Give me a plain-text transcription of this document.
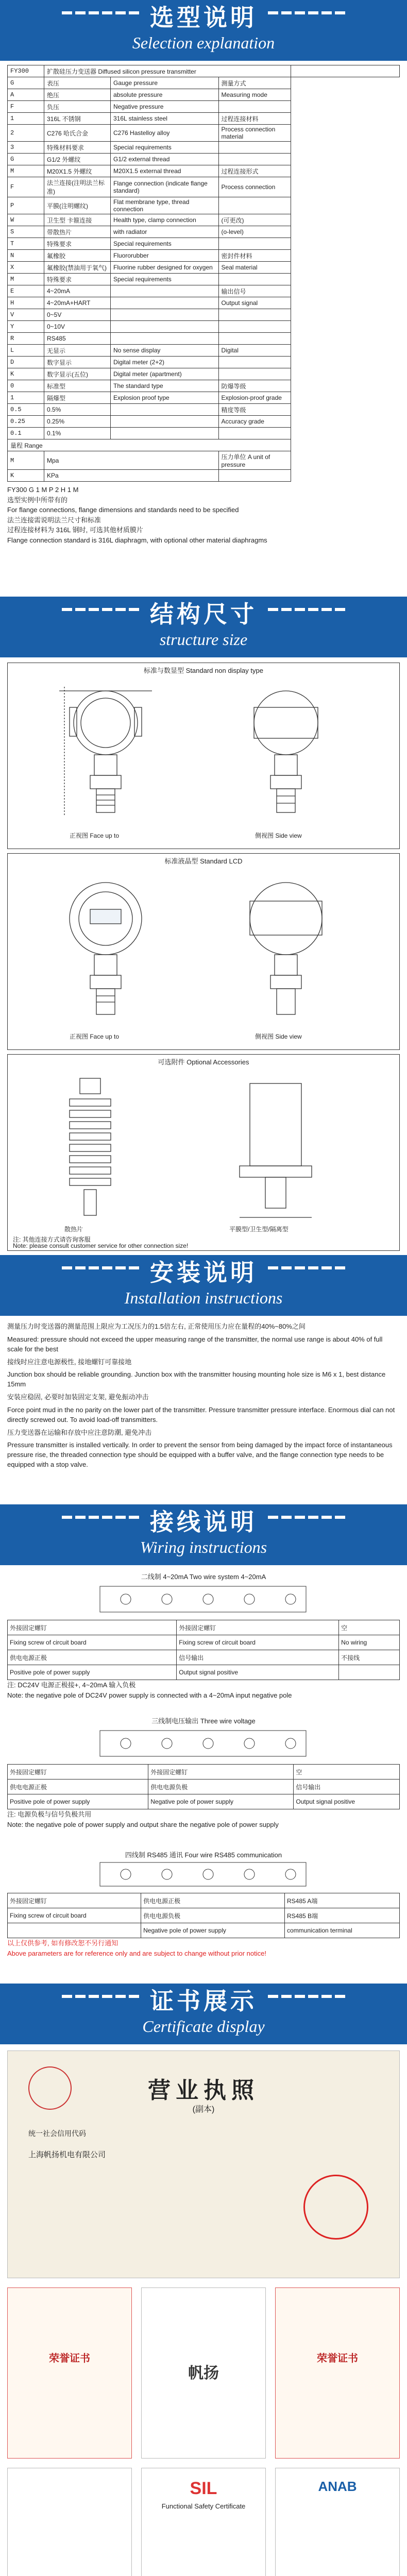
选型说明
Selection explanation
FY300	扩散硅压力变送器 Diffused silicon pressure transmitter			
G	表压	Gauge pressure	测量方式	
A	绝压	absolute pressure	Measuring mode	
F	负压	Negative pressure		
1	316L 不锈钢	316L stainless steel	过程连接材料	
2	C276 哈氏合金	C276 Hastelloy alloy	Process connection material	
3	特殊材料要求	Special requirements		
G	G1/2 外螺纹	G1/2 external thread		
M	M20X1.5 外螺纹	M20X1.5 external thread	过程连接形式	
F	法兰连接(注明法兰标准)	Flange connection (indicate flange standard)	Process connection	
P	平膜(注明螺纹)	Flat membrane type, thread connection		
W	卫生型 卡箍连接	Health type, clamp connection	(可更改)	
S	带散热片	with radiator	(o-level)	
T	特殊要求	Special requirements		
N	氟橡胶	Fluororubber	密封件材料	
X	氟橡胶(禁油用于氧气)	Fluorine rubber designed for oxygen	Seal material	
M	特殊要求	Special requirements		
E	4~20mA		输出信号	
H	4~20mA+HART		Output signal	
V	0~5V			
Y	0~10V			
R	RS485			
L	无显示	No sense display	Digital	
D	数字显示	Digital meter (2+2)		
K	数字显示(五位)	Digital meter (apartment)		
0	标准型	The standard type	防爆等级	
1	隔爆型	Explosion proof type	Explosion-proof grade	
0.5	0.5%		精度等级	
0.25	0.25%		Accuracy grade	
0.1	0.1%			
量程 Range				
M	Mpa		压力单位 A unit of pressure	
K	KPa			
FY300 G 1 M P 2 H 1 M
选型实例中所带有的
For flange connections, flange dimensions and standards need to be specified
法兰连接需说明法兰尺寸和标准
过程连接材料为 316L 钢时, 可选其他材质膜片
Flange connection standard is 316L diaphragm, with optional other material diaphragms
结构尺寸
structure size
标准与数显型 Standard non display type
正视图 Face up to	侧视图 Side view
标准液晶型 Standard LCD
正视图 Face up to	侧视图 Side view
可选附件 Optional Accessories
散热片	平膜型/卫生型/隔离型
注: 其他连接方式请咨询客服
Note: please consult customer service for other connection size!
安装说明
Installation instructions

测量压力时变送器的测量范围上限应为工况压力的1.5倍左右, 正常使用压力应在量程的40%~80%之间

Measured: pressure should not exceed the upper measuring range of the transmitter, the normal use range is about 40% of full scale for the best

接线时应注意电源极性, 接地螺钉可靠接地

Junction box should be reliable grounding. Junction box with the transmitter housing mounting hole size is M6 x 1, best distance 15mm

安装应稳固, 必要时加装固定支架, 避免振动冲击

Force point mud in the no parity on the lower part of the transmitter. Pressure transmitter pressure interface. Enormous dial can not directly screwed out. To avoid load-off transmitters.

压力变送器在运输和存放中应注意防潮, 避免冲击

Pressure transmitter is installed vertically. In order to prevent the sensor from being damaged by the impact force of instantaneous pressure rise, the threaded connection type should be equipped with a buffer valve, and the flange connection type needs to be equipped with a stop valve.

接线说明
Wiring instructions
二线制 4~20mA Two wire system 4~20mA
外接固定螺钉	外接固定螺钉	空
Fixing screw of circuit board	Fixing screw of circuit board	No wiring
供电电源正极	信号输出	不接线
Positive pole of power supply	Output signal positive	
注: DC24V 电源正极接+, 4~20mA 输入负极
Note: the negative pole of DC24V power supply is connected with a 4~20mA input negative pole
三线制电压输出 Three wire voltage
外接固定螺钉	外接固定螺钉	空
供电电源正极	供电电源负极	信号输出
Positive pole of power supply	Negative pole of power supply	Output signal positive
注: 电源负极与信号负极共用
Note: the negative pole of power supply and output share the negative pole of power supply
四线制 RS485 通讯 Four wire RS485 communication
外接固定螺钉	供电电源正极	RS485 A端
Fixing screw of circuit board	供电电源负极	RS485 B端
	Negative pole of power supply	communication terminal
以上仅供参考, 如有修改恕不另行通知
Above parameters are for reference only and are subject to change without prior notice!
证书展示
Certificate display
营业执照
(副本)
统一社会信用代码
上海帆扬机电有限公司
荣誉证书
帆扬
荣誉证书
SIL
Functional Safety Certificate
ANAB
